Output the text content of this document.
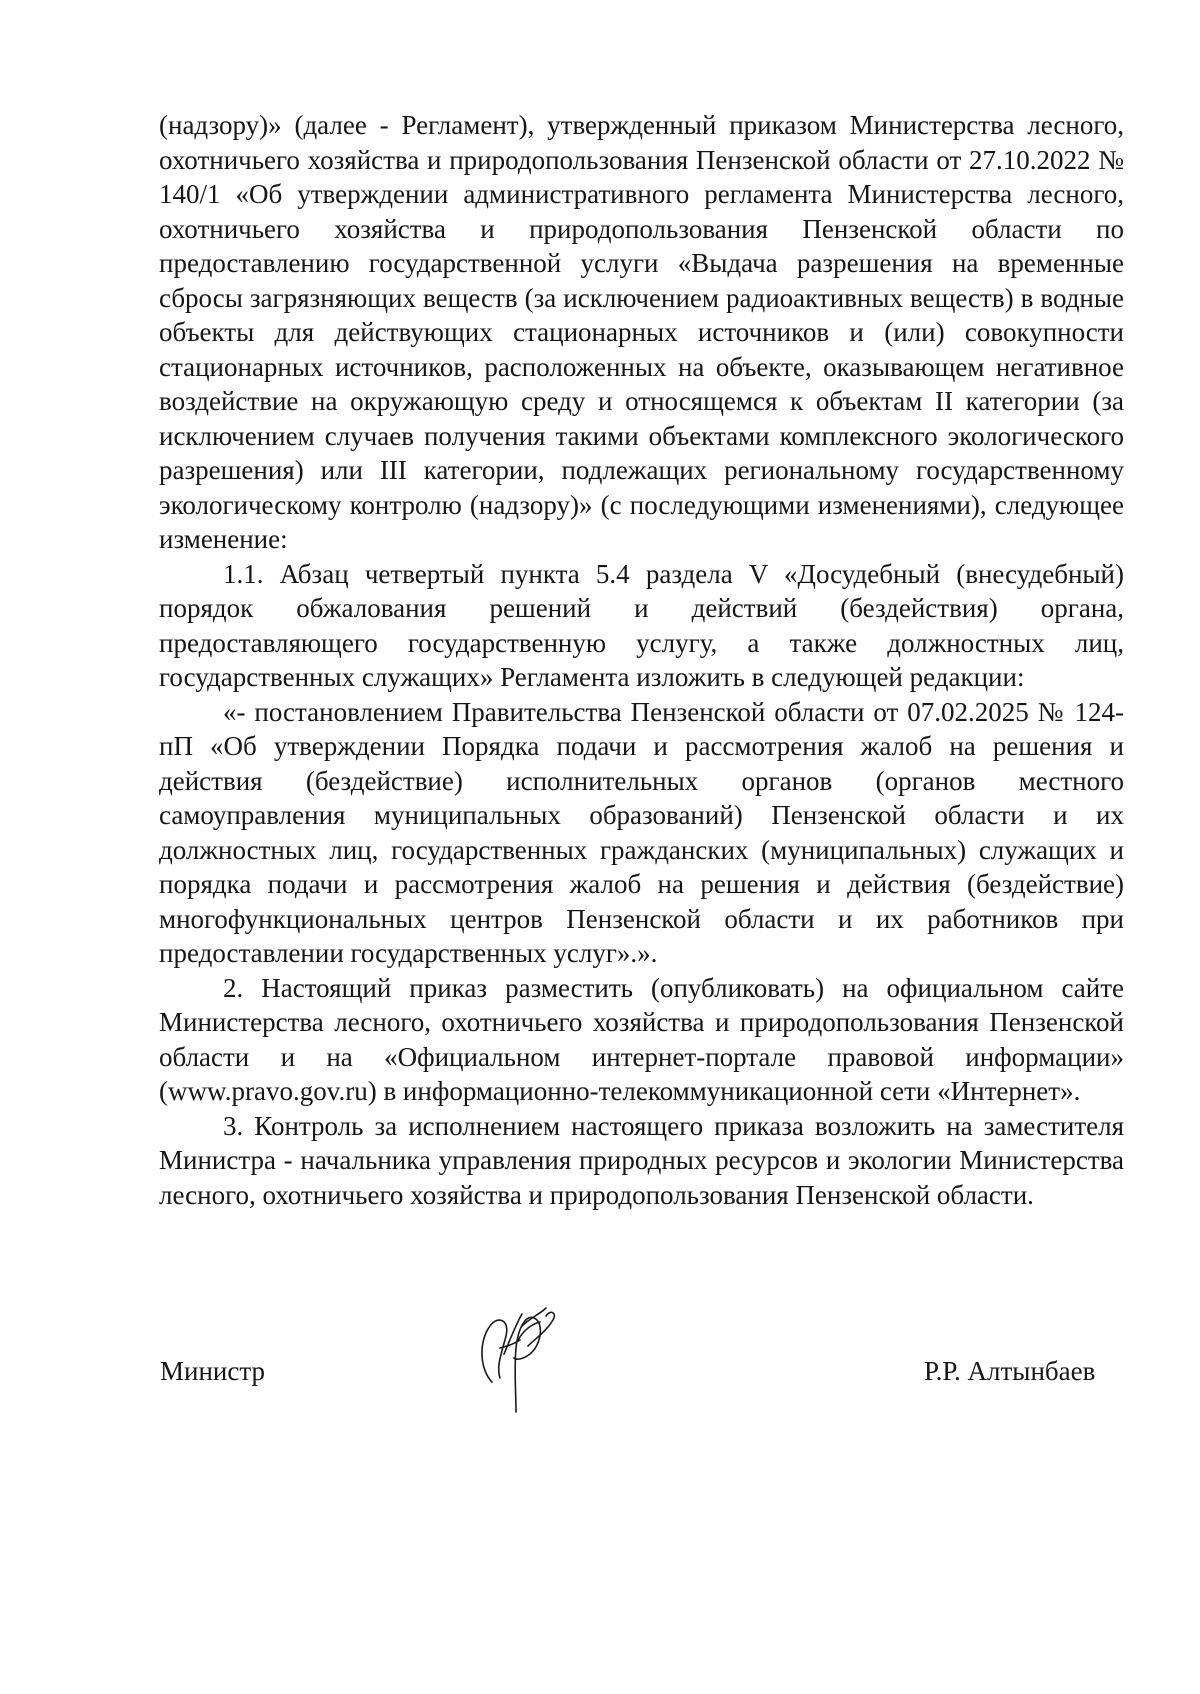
(надзору)» (далее - Регламент), утвержденный приказом Министерства лесного, охотничьего хозяйства и природопользования Пензенской области от 27.10.2022 № 140/1 «Об утверждении административного регламента Министерства лесного, охотничьего хозяйства и природопользования Пензенской области по предоставлению государственной услуги «Выдача разрешения на временные сбросы загрязняющих веществ (за исключением радиоактивных веществ) в водные объекты для действующих стационарных источников и (или) совокупности стационарных источников, расположенных на объекте, оказывающем негативное воздействие на окружающую среду и относящемся к объектам II категории (за исключением случаев получения такими объектами комплексного экологического разрешения) или III категории, подлежащих региональному государственному экологическому контролю (надзору)» (с последующими изменениями), следующее изменение:

1.1. Абзац четвертый пункта 5.4 раздела V «Досудебный (внесудебный) порядок обжалования решений и действий (бездействия) органа, предоставляющего государственную услугу, а также должностных лиц, государственных служащих» Регламента изложить в следующей редакции:

«- постановлением Правительства Пензенской области от 07.02.2025 № 124-пП «Об утверждении Порядка подачи и рассмотрения жалоб на решения и действия (бездействие) исполнительных органов (органов местного самоуправления муниципальных образований) Пензенской области и их должностных лиц, государственных гражданских (муниципальных) служащих и порядка подачи и рассмотрения жалоб на решения и действия (бездействие) многофункциональных центров Пензенской области и их работников при предоставлении государственных услуг».».

2. Настоящий приказ разместить (опубликовать) на официальном сайте Министерства лесного, охотничьего хозяйства и природопользования Пензенской области и на «Официальном интернет-портале правовой информации» (www.pravo.gov.ru) в информационно-телекоммуникационной сети «Интернет».

3. Контроль за исполнением настоящего приказа возложить на заместителя Министра - начальника управления природных ресурсов и экологии Министерства лесного, охотничьего хозяйства и природопользования Пензенской области.

Министр	Р.Р. Алтынбаев
